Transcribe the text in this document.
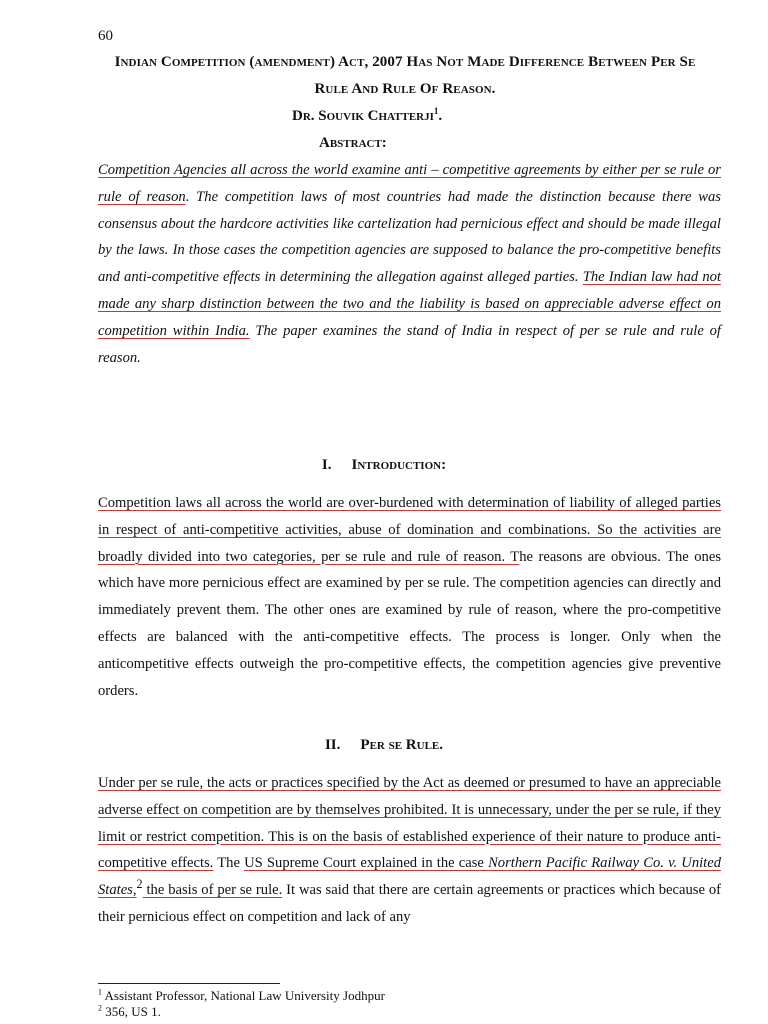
60
Indian Competition (amendment) Act, 2007 Has Not Made Difference Between Per Se
Rule And Rule Of Reason.
Dr. Souvik Chatterji$^1$.
Abstract:
Competition Agencies all across the world examine anti – competitive agreements by either per se rule or rule of reason. The competition laws of most countries had made the distinction because there was consensus about the hardcore activities like cartelization had pernicious effect and should be made illegal by the laws. In those cases the competition agencies are supposed to balance the pro-competitive benefits and anti-competitive effects in determining the allegation against alleged parties. The Indian law had not made any sharp distinction between the two and the liability is based on appreciable adverse effect on competition within India. The paper examines the stand of India in respect of per se rule and rule of reason.
I. Introduction:
Competition laws all across the world are over-burdened with determination of liability of alleged parties in respect of anti-competitive activities, abuse of domination and combinations. So the activities are broadly divided into two categories, per se rule and rule of reason. The reasons are obvious. The ones which have more pernicious effect are examined by per se rule. The competition agencies can directly and immediately prevent them. The other ones are examined by rule of reason, where the pro-competitive effects are balanced with the anti-competitive effects. The process is longer. Only when the anticompetitive effects outweigh the pro-competitive effects, the competition agencies give preventive orders.
II. Per se Rule.
Under per se rule, the acts or practices specified by the Act as deemed or presumed to have an appreciable adverse effect on competition are by themselves prohibited. It is unnecessary, under the per se rule, if they limit or restrict competition. This is on the basis of established experience of their nature to produce anti-competitive effects. The US Supreme Court explained in the case Northern Pacific Railway Co. v. United States,$^2$ the basis of per se rule. It was said that there are certain agreements or practices which because of their pernicious effect on competition and lack of any
$^1$ Assistant Professor, National Law University Jodhpur
$^2$ 356, US 1.
